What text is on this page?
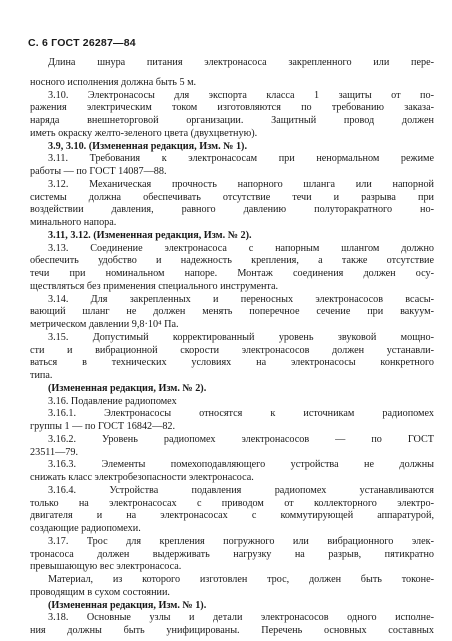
С. 6 ГОСТ 26287—84
Длина шнура питания электронасоса закрепленного или пере-
носного исполнения должна быть 5 м.
3.10. Электронасосы для экспорта класса 1 защиты от по-
ражения электрическим током изготовляются по требованию заказа-
наряда внешнеторговой организации. Защитный провод должен
иметь окраску желто-зеленого цвета (двухцветную).
3.9, 3.10. (Измененная редакция, Изм. № 1).
3.11. Требования к электронасосам при ненормальном режиме
работы — по ГОСТ 14087—88.
3.12. Механическая прочность напорного шланга или напорной
системы должна обеспечивать отсутствие течи и разрыва при
воздействии давления, равного давлению полуторакратного но-
минального напора.
3.11, 3.12. (Измененная редакция, Изм. № 2).
3.13. Соединение электронасоса с напорным шлангом должно
обеспечить удобство и надежность крепления, а также отсутствие
течи при номинальном напоре. Монтаж соединения должен осу-
ществляться без применения специального инструмента.
3.14. Для закрепленных и переносных электронасосов всасы-
вающий шланг не должен менять поперечное сечение при вакуум-
метрическом давлении 9,8·10⁴ Па.
3.15. Допустимый корректированный уровень звуковой мощно-
сти и вибрационной скорости электронасосов должен устанавли-
ваться в технических условиях на электронасосы конкретного
типа.
(Измененная редакция, Изм. № 2).
3.16. Подавление радиопомех
3.16.1. Электронасосы относятся к источникам радиопомех
группы 1 — по ГОСТ 16842—82.
3.16.2. Уровень радиопомех электронасосов — по ГОСТ
23511—79.
3.16.3. Элементы помехоподавляющего устройства не должны
снижать класс электробезопасности электронасоса.
3.16.4. Устройства подавления радиопомех устанавливаются
только на электронасосах с приводом от коллекторного электро-
двигателя и на электронасосах с коммутирующей аппаратурой,
создающие радиопомехи.
3.17. Трос для крепления погружного или вибрационного элек-
тронасоса должен выдерживать нагрузку на разрыв, пятикратно
превышающую вес электронасоса.
Материал, из которого изготовлен трос, должен быть токоне-
проводящим в сухом состоянии.
(Измененная редакция, Изм. № 1).
3.18. Основные узлы и детали электронасосов одного исполне-
ния должны быть унифицированы. Перечень основных составных
